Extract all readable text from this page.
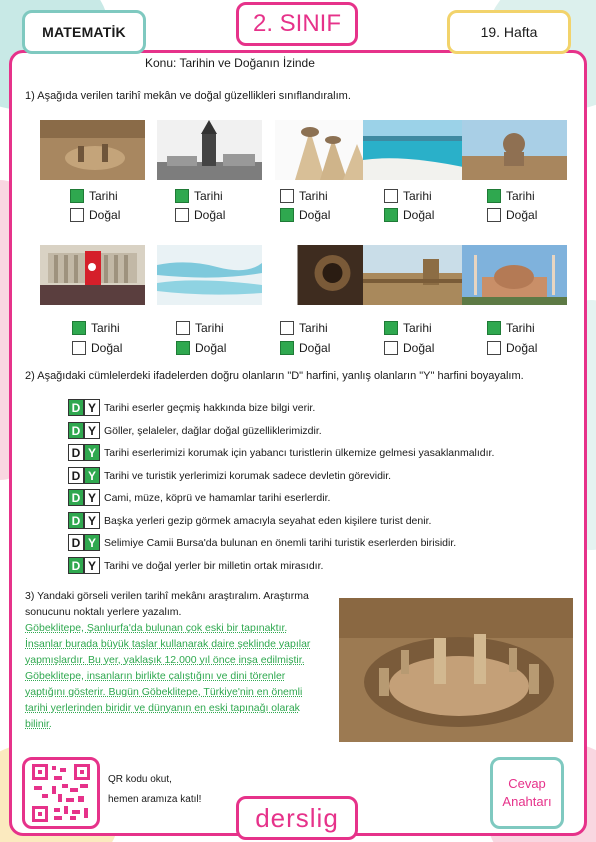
MATEMATİK	2. SINIF	19. Hafta
Konu: Tarihin ve Doğanın İzinde
1) Aşağıda verilen tarihî mekân ve doğal güzellikleri sınıflandıralım.
Tarihi
Doğal
Tarihi
Doğal
Tarihi
Doğal
Tarihi
Doğal
Tarihi
Doğal
Tarihi
Doğal
Tarihi
Doğal
Tarihi
Doğal
Tarihi
Doğal
Tarihi
Doğal
2) Aşağıdaki cümlelerdeki ifadelerden doğru olanların "D" harfini, yanlış olanların "Y" harfini boyayalım.
D Y Tarihi eserler geçmiş hakkında bize bilgi verir.
D Y Göller, şelaleler, dağlar doğal güzelliklerimizdir.
D Y Tarihi eserlerimizi korumak için yabancı turistlerin ülkemize gelmesi yasaklanmalıdır.
D Y Tarihi ve turistik yerlerimizi korumak sadece devletin görevidir.
D Y Cami, müze, köprü ve hamamlar tarihi eserlerdir.
D Y Başka yerleri gezip görmek amacıyla seyahat eden kişilere turist denir.
D Y Selimiye Camii Bursa'da bulunan en önemli tarihi turistik eserlerden birisidir.
D Y Tarihi ve doğal yerler bir milletin ortak mirasıdır.
3) Yandaki görseli verilen tarihî mekânı araştıralım. Araştırma
sonucunu noktalı yerlere yazalım.
Göbeklitepe, Şanlıurfa'da bulunan çok eski bir tapınaktır.
İnsanlar burada büyük taşlar kullanarak daire şeklinde yapılar
yapmışlardır. Bu yer, yaklaşık 12.000 yıl önce inşa edilmiştir.
Göbeklitepe, insanların birlikte çalıştığını ve dini törenler
yaptığını gösterir. Bugün Göbeklitepe, Türkiye'nin en önemli
tarihi yerlerinden biridir ve dünyanın en eski tapınağı olarak
bilinir.
QR kodu okut,
hemen aramıza katıl!
derslig
Cevap
Anahtarı
